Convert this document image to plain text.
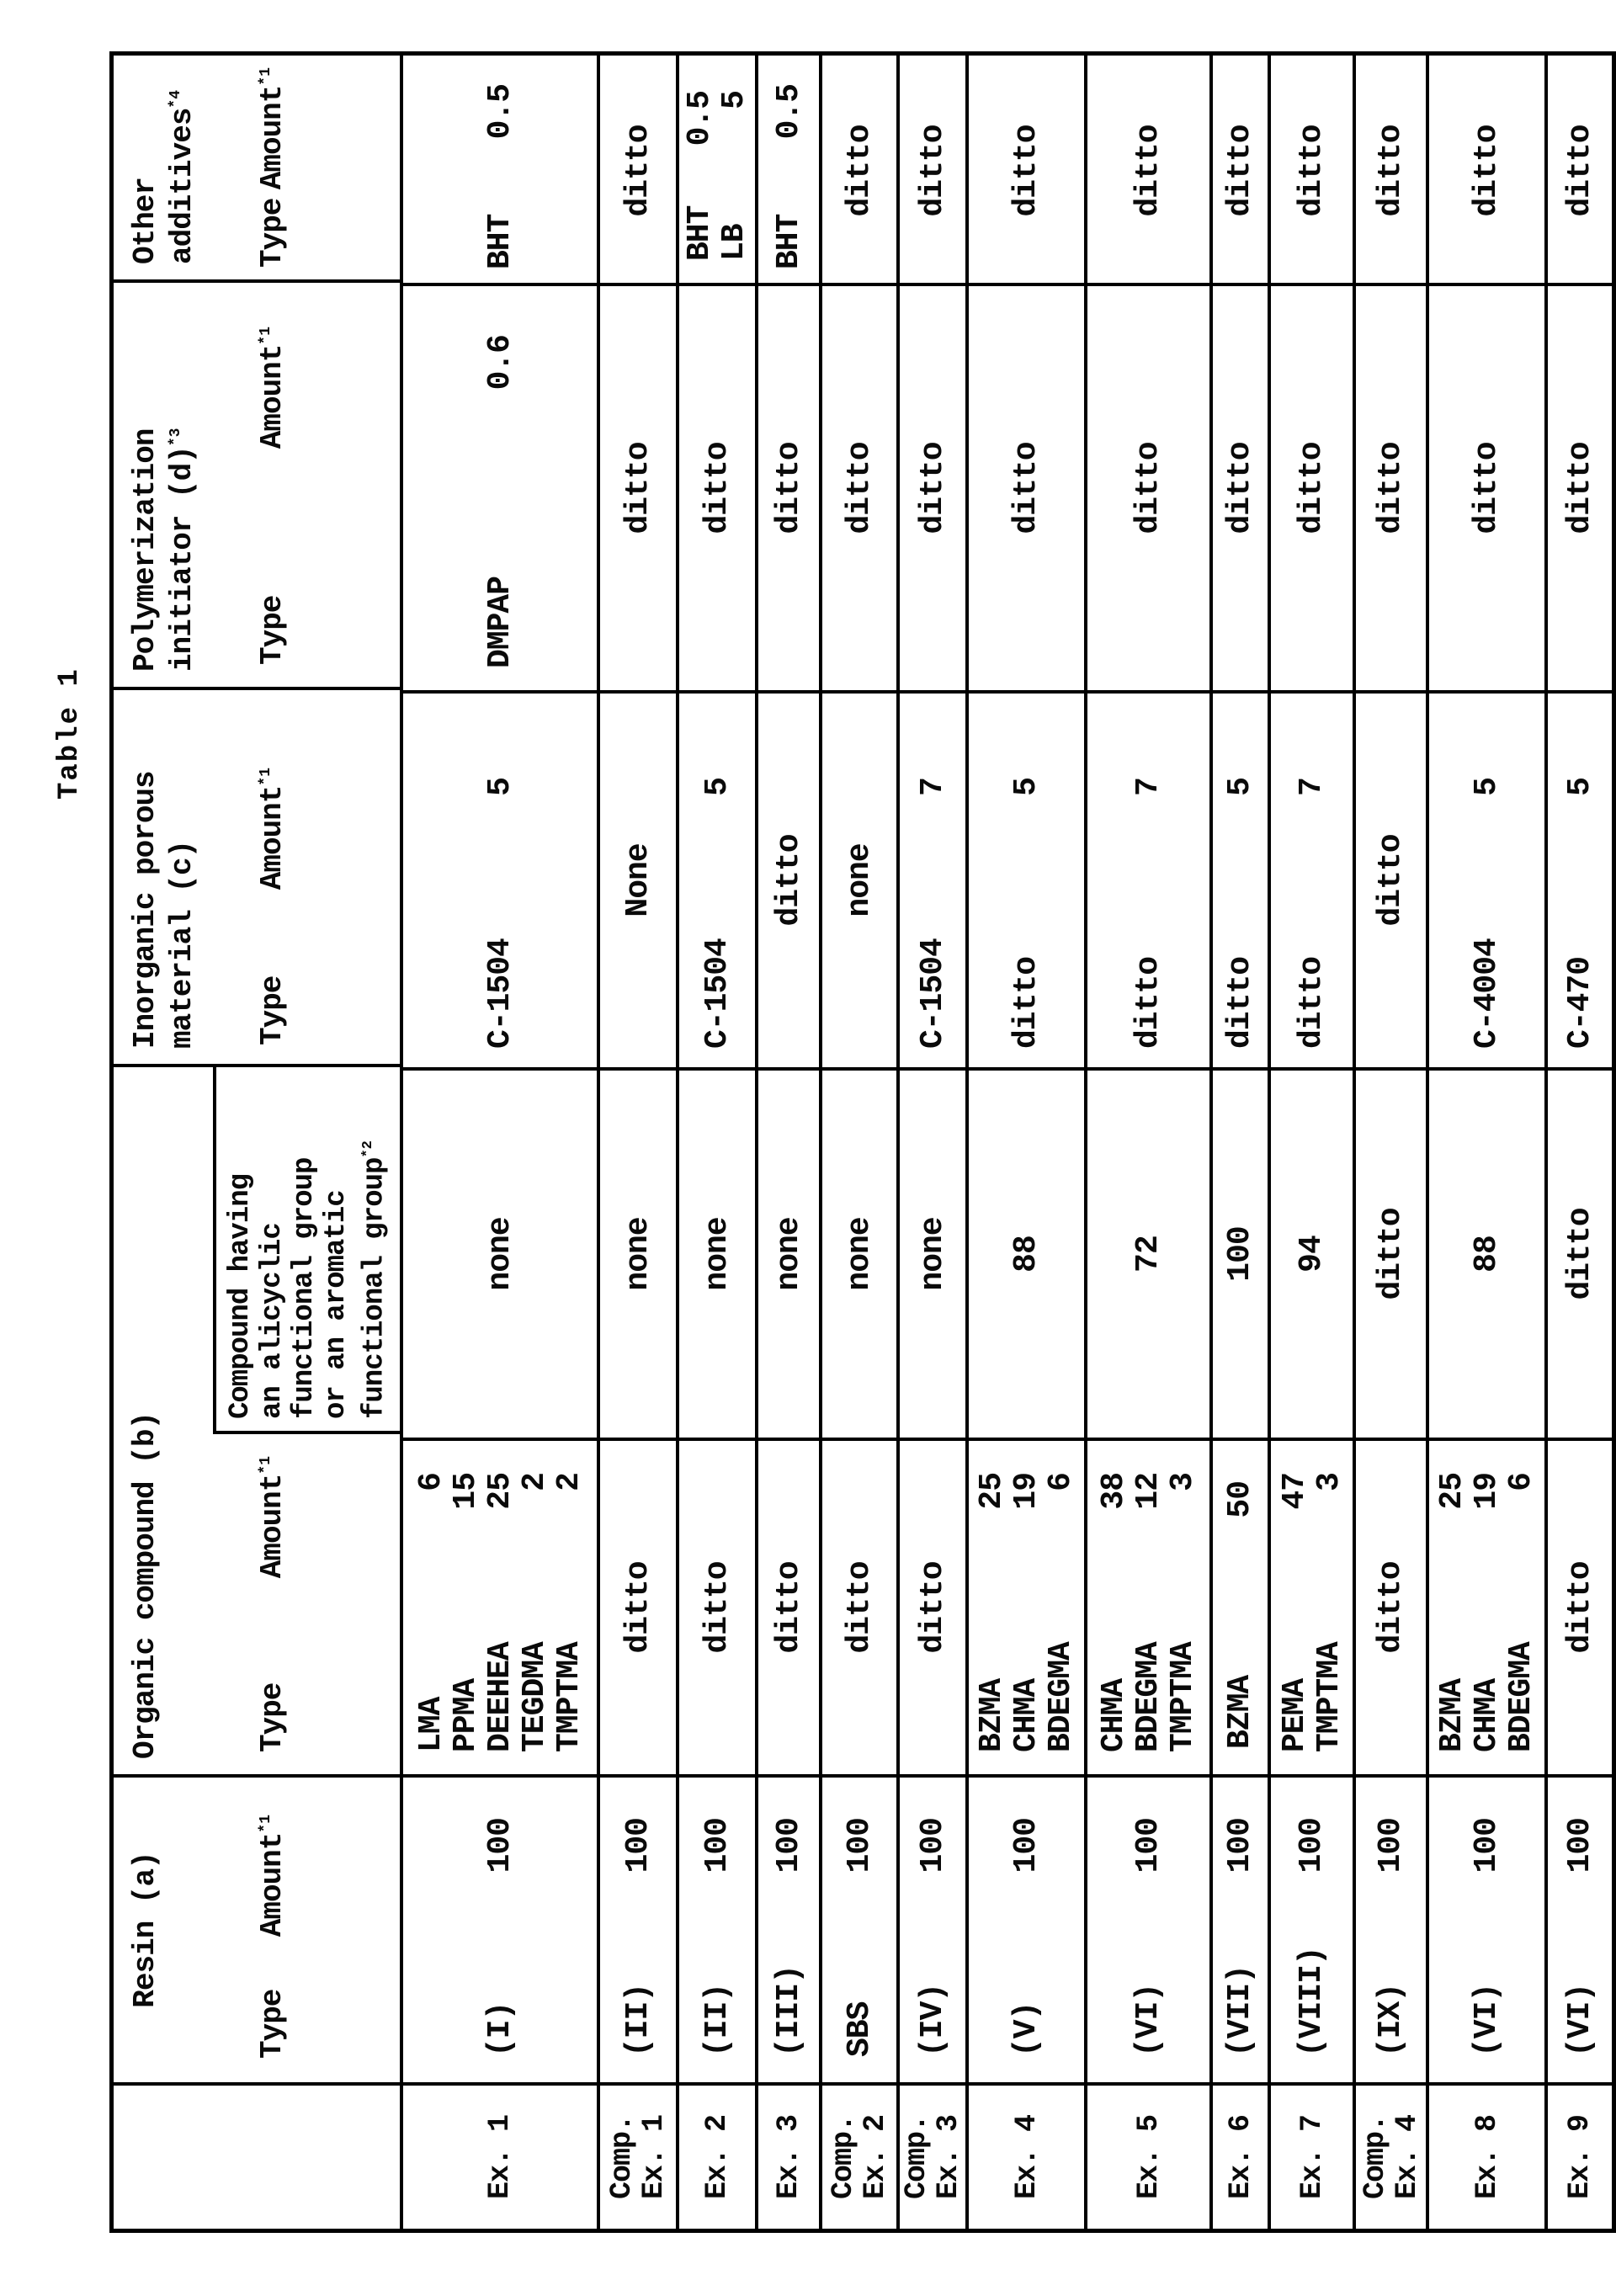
Table 1
Resin (a)
Type
Amount$^{*1}$
Organic compound (b)	Type
Amount$^{*1}$
Compound having an alicyclic functional group or an aromatic functional group$^{*2}$
Inorganic porous material (c) Type
Amount$^{*1}$
Polymerization initiator $(d)^{*3}$
Type
Amount$^{*1}$
Other additives$^{*4}$
Type
Amount$^{*1}$
Ex. 1
(I)
100
LMA
PPMA
DEEHEA
TEGDMA
TMPTMA
6
15
25
2
2
none
C-1504
5
DMPAP
0.6
BHT
0.5
Comp.
Ex. 1
(II)
100
ditto
none
None
ditto
ditto
Ex. 2
(II)
100
ditto
none
C-1504
5
ditto
BHT
LB
0.5
5
Ex. 3
(III)
100
ditto
none
ditto
ditto
BHT
0.5
Comp.
Ex. 2
SBS
100
ditto
none
none
ditto
ditto
Comp.
Ex. 3
(IV)
100
ditto
none
C-1504
7
ditto
ditto
Ex. 4
(V)
100
BZMA
CHMA
BDEGMA
25
19
6
88
ditto
5
ditto
ditto
Ex. 5
(VI)
100
CHMA
BDEGMA
TMPTMA
38
12
3
72
ditto
7
ditto
ditto
Ex. 6
(VII)
100
BZMA
50
100
ditto
5
ditto
ditto
Ex. 7
(VIII)
100
PEMA
TMPTMA
47
3
94
ditto
7
ditto
ditto
Comp.
Ex. 4
(IX)
100
ditto
ditto
ditto
ditto
ditto
Ex. 8
(VI)
100
BZMA
CHMA
BDEGMA
25
19
6
88
C-4004
5
ditto
ditto
Ex. 9
(VI)
100
ditto
ditto
C-470
5
ditto
ditto
